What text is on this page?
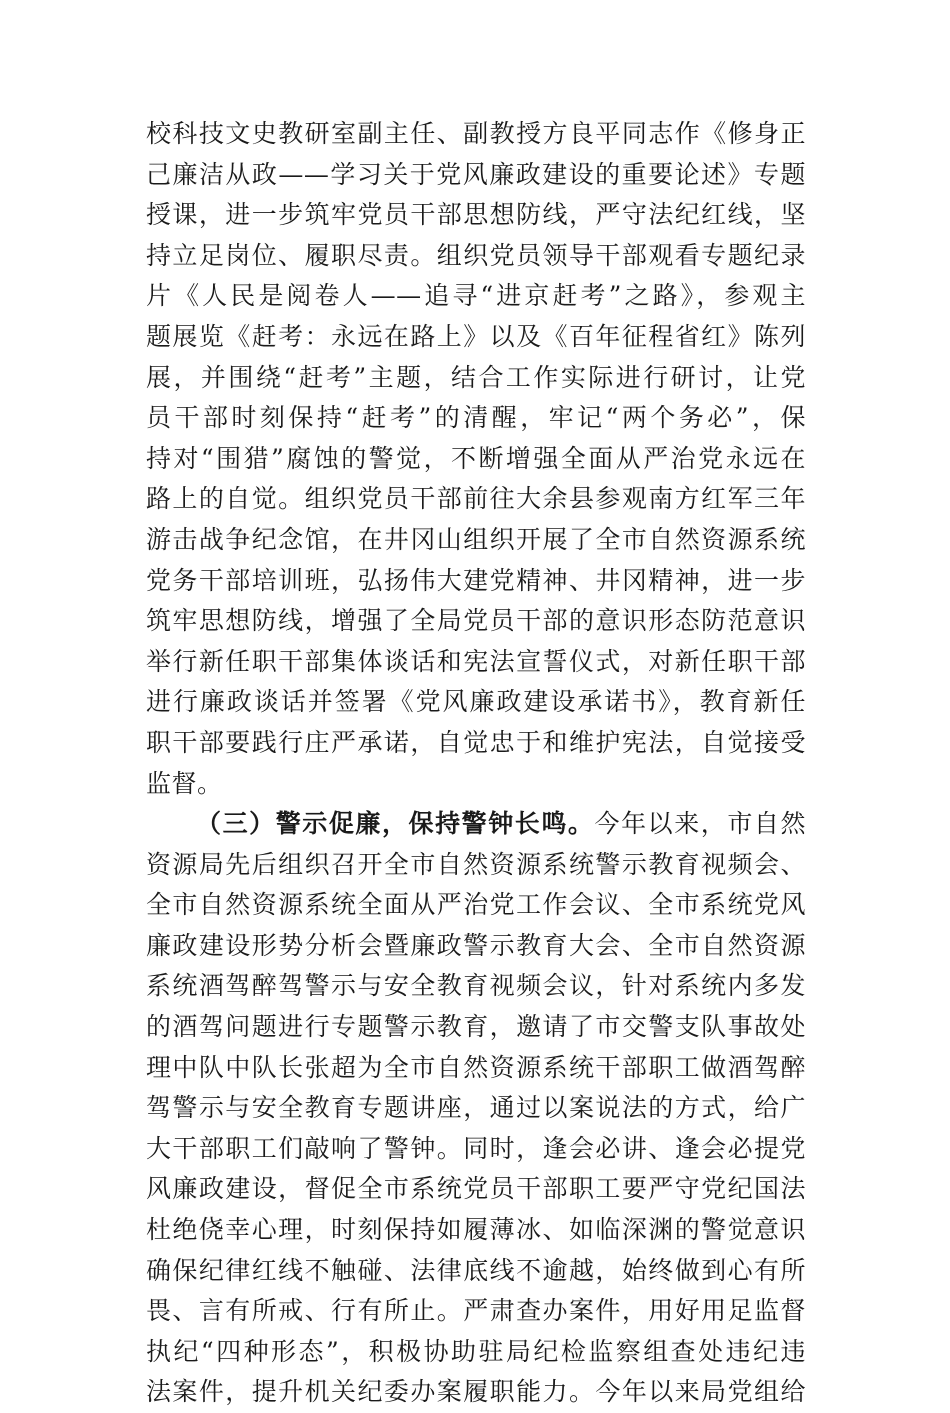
校科技文史教研室副主任、副教授方良平同志作《修身正
己廉洁从政——学习关于党风廉政建设的重要论述》专题
授课，进一步筑牢党员干部思想防线，严守法纪红线，坚
持立足岗位、履职尽责。组织党员领导干部观看专题纪录
片《人民是阅卷人——追寻“进京赶考”之路》，参观主
题展览《赶考：永远在路上》以及《百年征程省红》陈列
展，并围绕“赶考”主题，结合工作实际进行研讨，让党
员干部时刻保持“赶考”的清醒，牢记“两个务必”，保
持对“围猎”腐蚀的警觉，不断增强全面从严治党永远在
路上的自觉。组织党员干部前往大余县参观南方红军三年
游击战争纪念馆，在井冈山组织开展了全市自然资源系统
党务干部培训班，弘扬伟大建党精神、井冈精神，进一步
筑牢思想防线，增强了全局党员干部的意识形态防范意识
举行新任职干部集体谈话和宪法宣誓仪式，对新任职干部
进行廉政谈话并签署《党风廉政建设承诺书》，教育新任
职干部要践行庄严承诺，自觉忠于和维护宪法，自觉接受
监督。
（三）警示促廉，保持警钟长鸣。今年以来，市自然
资源局先后组织召开全市自然资源系统警示教育视频会、
全市自然资源系统全面从严治党工作会议、全市系统党风
廉政建设形势分析会暨廉政警示教育大会、全市自然资源
系统酒驾醉驾警示与安全教育视频会议，针对系统内多发
的酒驾问题进行专题警示教育，邀请了市交警支队事故处
理中队中队长张超为全市自然资源系统干部职工做酒驾醉
驾警示与安全教育专题讲座，通过以案说法的方式，给广
大干部职工们敲响了警钟。同时，逢会必讲、逢会必提党
风廉政建设，督促全市系统党员干部职工要严守党纪国法
杜绝侥幸心理，时刻保持如履薄冰、如临深渊的警觉意识
确保纪律红线不触碰、法律底线不逾越，始终做到心有所
畏、言有所戒、行有所止。严肃查办案件，用好用足监督
执纪“四种形态”，积极协助驻局纪检监察组查处违纪违
法案件，提升机关纪委办案履职能力。今年以来局党组给
